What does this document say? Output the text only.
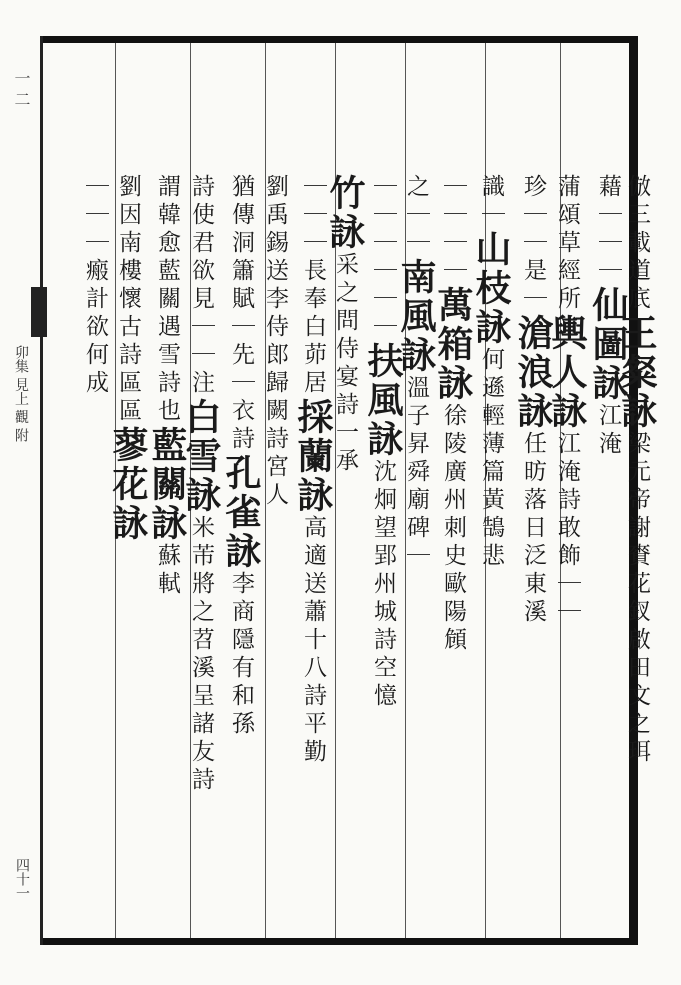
一 二
卯集 見上 觀 附
四十一

倣三載道㡳王粲詠梁元帝謝賚花釵啟田文之珥

藉｜｜｜仙圖詠江淹

蒲頌草經所輿人詠江淹詩敢飾｜｜

珍｜｜是｜滄浪詠任昉落日泛東溪

識｜山枝詠何遜輕薄篇黃鵠悲

｜｜｜｜萬箱詠徐陵廣州刺史歐陽頠

之｜｜南風詠溫子昇舜廟碑｜

｜｜｜｜｜｜扶風詠沈炯望郢州城詩空憶

竹詠采之問侍宴詩一承

｜｜｜長奉白茆居採蘭詠高適送蕭十八詩平勤

劉禹錫送李侍郎歸闕詩宮人

猶傳洞簫賦｜先｜衣詩孔雀詠李商隱有和孫

詩使君欲見｜｜注白雪詠米芾將之苕溪呈諸友詩

謂韓愈藍關遇雪詩也藍關詠蘇軾

劉因南樓懷古詩區區蓼花詠

｜｜｜瘢計欲何成
